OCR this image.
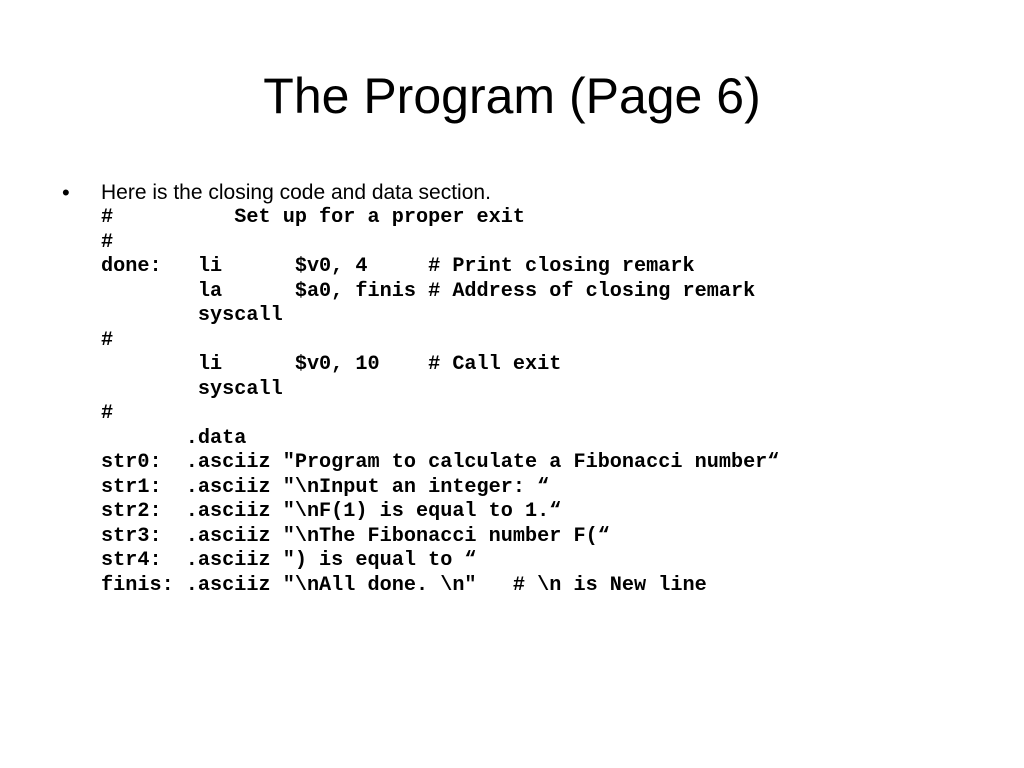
The Program (Page 6)
• Here is the closing code and data section.
#          Set up for a proper exit
#
done:   li      $v0, 4     # Print closing remark
la      $a0, finis # Address of closing remark
syscall
#
li      $v0, 10    # Call exit
syscall
#
.data
str0:  .asciiz "Program to calculate a Fibonacci number“
str1:  .asciiz "\nInput an integer: “
str2:  .asciiz "\nF(1) is equal to 1.“
str3:  .asciiz "\nThe Fibonacci number F(“
str4:  .asciiz ") is equal to “
finis: .asciiz "\nAll done. \n"   # \n is New line
